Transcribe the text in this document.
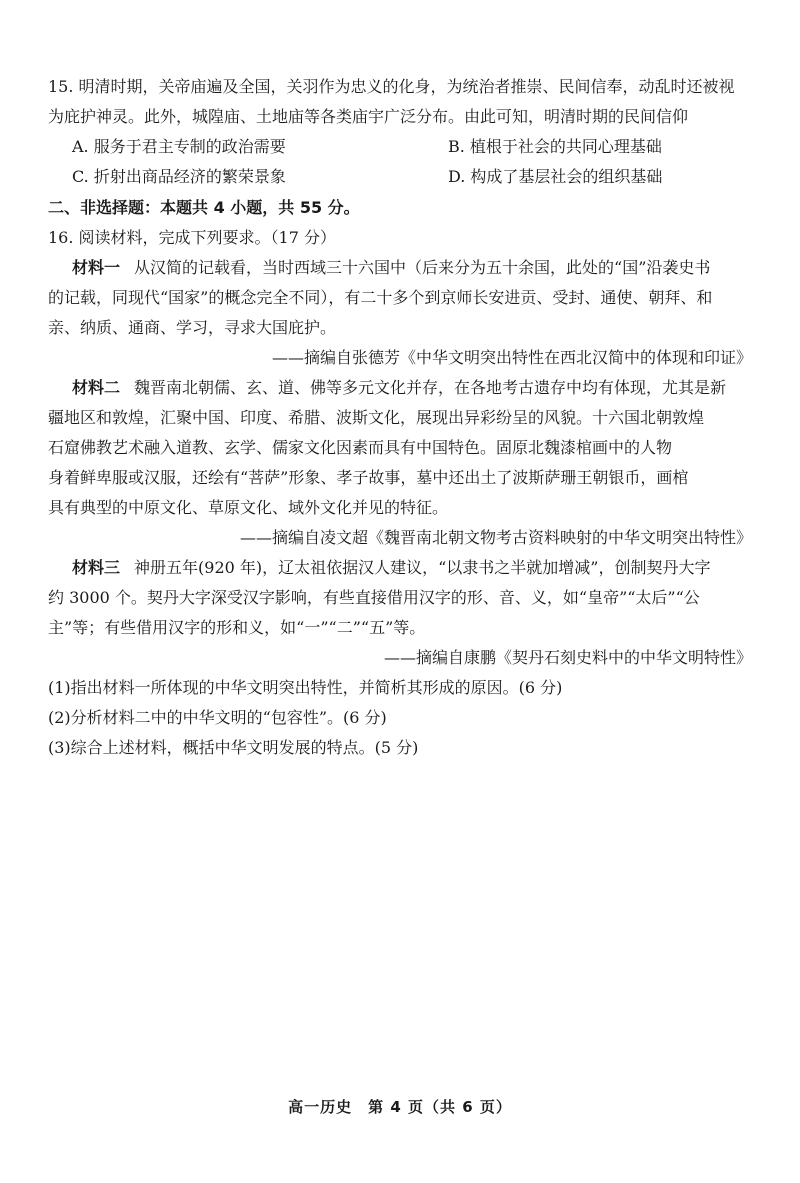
15. 明清时期，关帝庙遍及全国，关羽作为忠义的化身，为统治者推崇、民间信奉，动乱时还被视
为庇护神灵。此外，城隍庙、土地庙等各类庙宇广泛分布。由此可知，明清时期的民间信仰
A. 服务于君主专制的政治需要	B. 植根于社会的共同心理基础
C. 折射出商品经济的繁荣景象	D. 构成了基层社会的组织基础
二、非选择题：本题共 4 小题，共 55 分。
16. 阅读材料，完成下列要求。（17 分）
材料一 从汉简的记载看，当时西域三十六国中（后来分为五十余国，此处的“国”沿袭史书
的记载，同现代“国家”的概念完全不同），有二十多个到京师长安进贡、受封、通使、朝拜、和
亲、纳质、通商、学习，寻求大国庇护。
——摘编自张德芳《中华文明突出特性在西北汉简中的体现和印证》
材料二 魏晋南北朝儒、玄、道、佛等多元文化并存，在各地考古遗存中均有体现，尤其是新
疆地区和敦煌，汇聚中国、印度、希腊、波斯文化，展现出异彩纷呈的风貌。十六国北朝敦煌
石窟佛教艺术融入道教、玄学、儒家文化因素而具有中国特色。固原北魏漆棺画中的人物
身着鲜卑服或汉服，还绘有“菩萨”形象、孝子故事，墓中还出土了波斯萨珊王朝银币，画棺
具有典型的中原文化、草原文化、域外文化并见的特征。
——摘编自凌文超《魏晋南北朝文物考古资料映射的中华文明突出特性》
材料三 神册五年(920 年)，辽太祖依据汉人建议，“以隶书之半就加增减”，创制契丹大字
约 3000 个。契丹大字深受汉字影响，有些直接借用汉字的形、音、义，如“皇帝”“太后”“公
主”等；有些借用汉字的形和义，如“一”“二”“五”等。
——摘编自康鹏《契丹石刻史料中的中华文明特性》
(1)指出材料一所体现的中华文明突出特性，并简析其形成的原因。(6 分)
(2)分析材料二中的中华文明的“包容性”。(6 分)
(3)综合上述材料，概括中华文明发展的特点。(5 分)
高一历史　第 4 页（共 6 页）
